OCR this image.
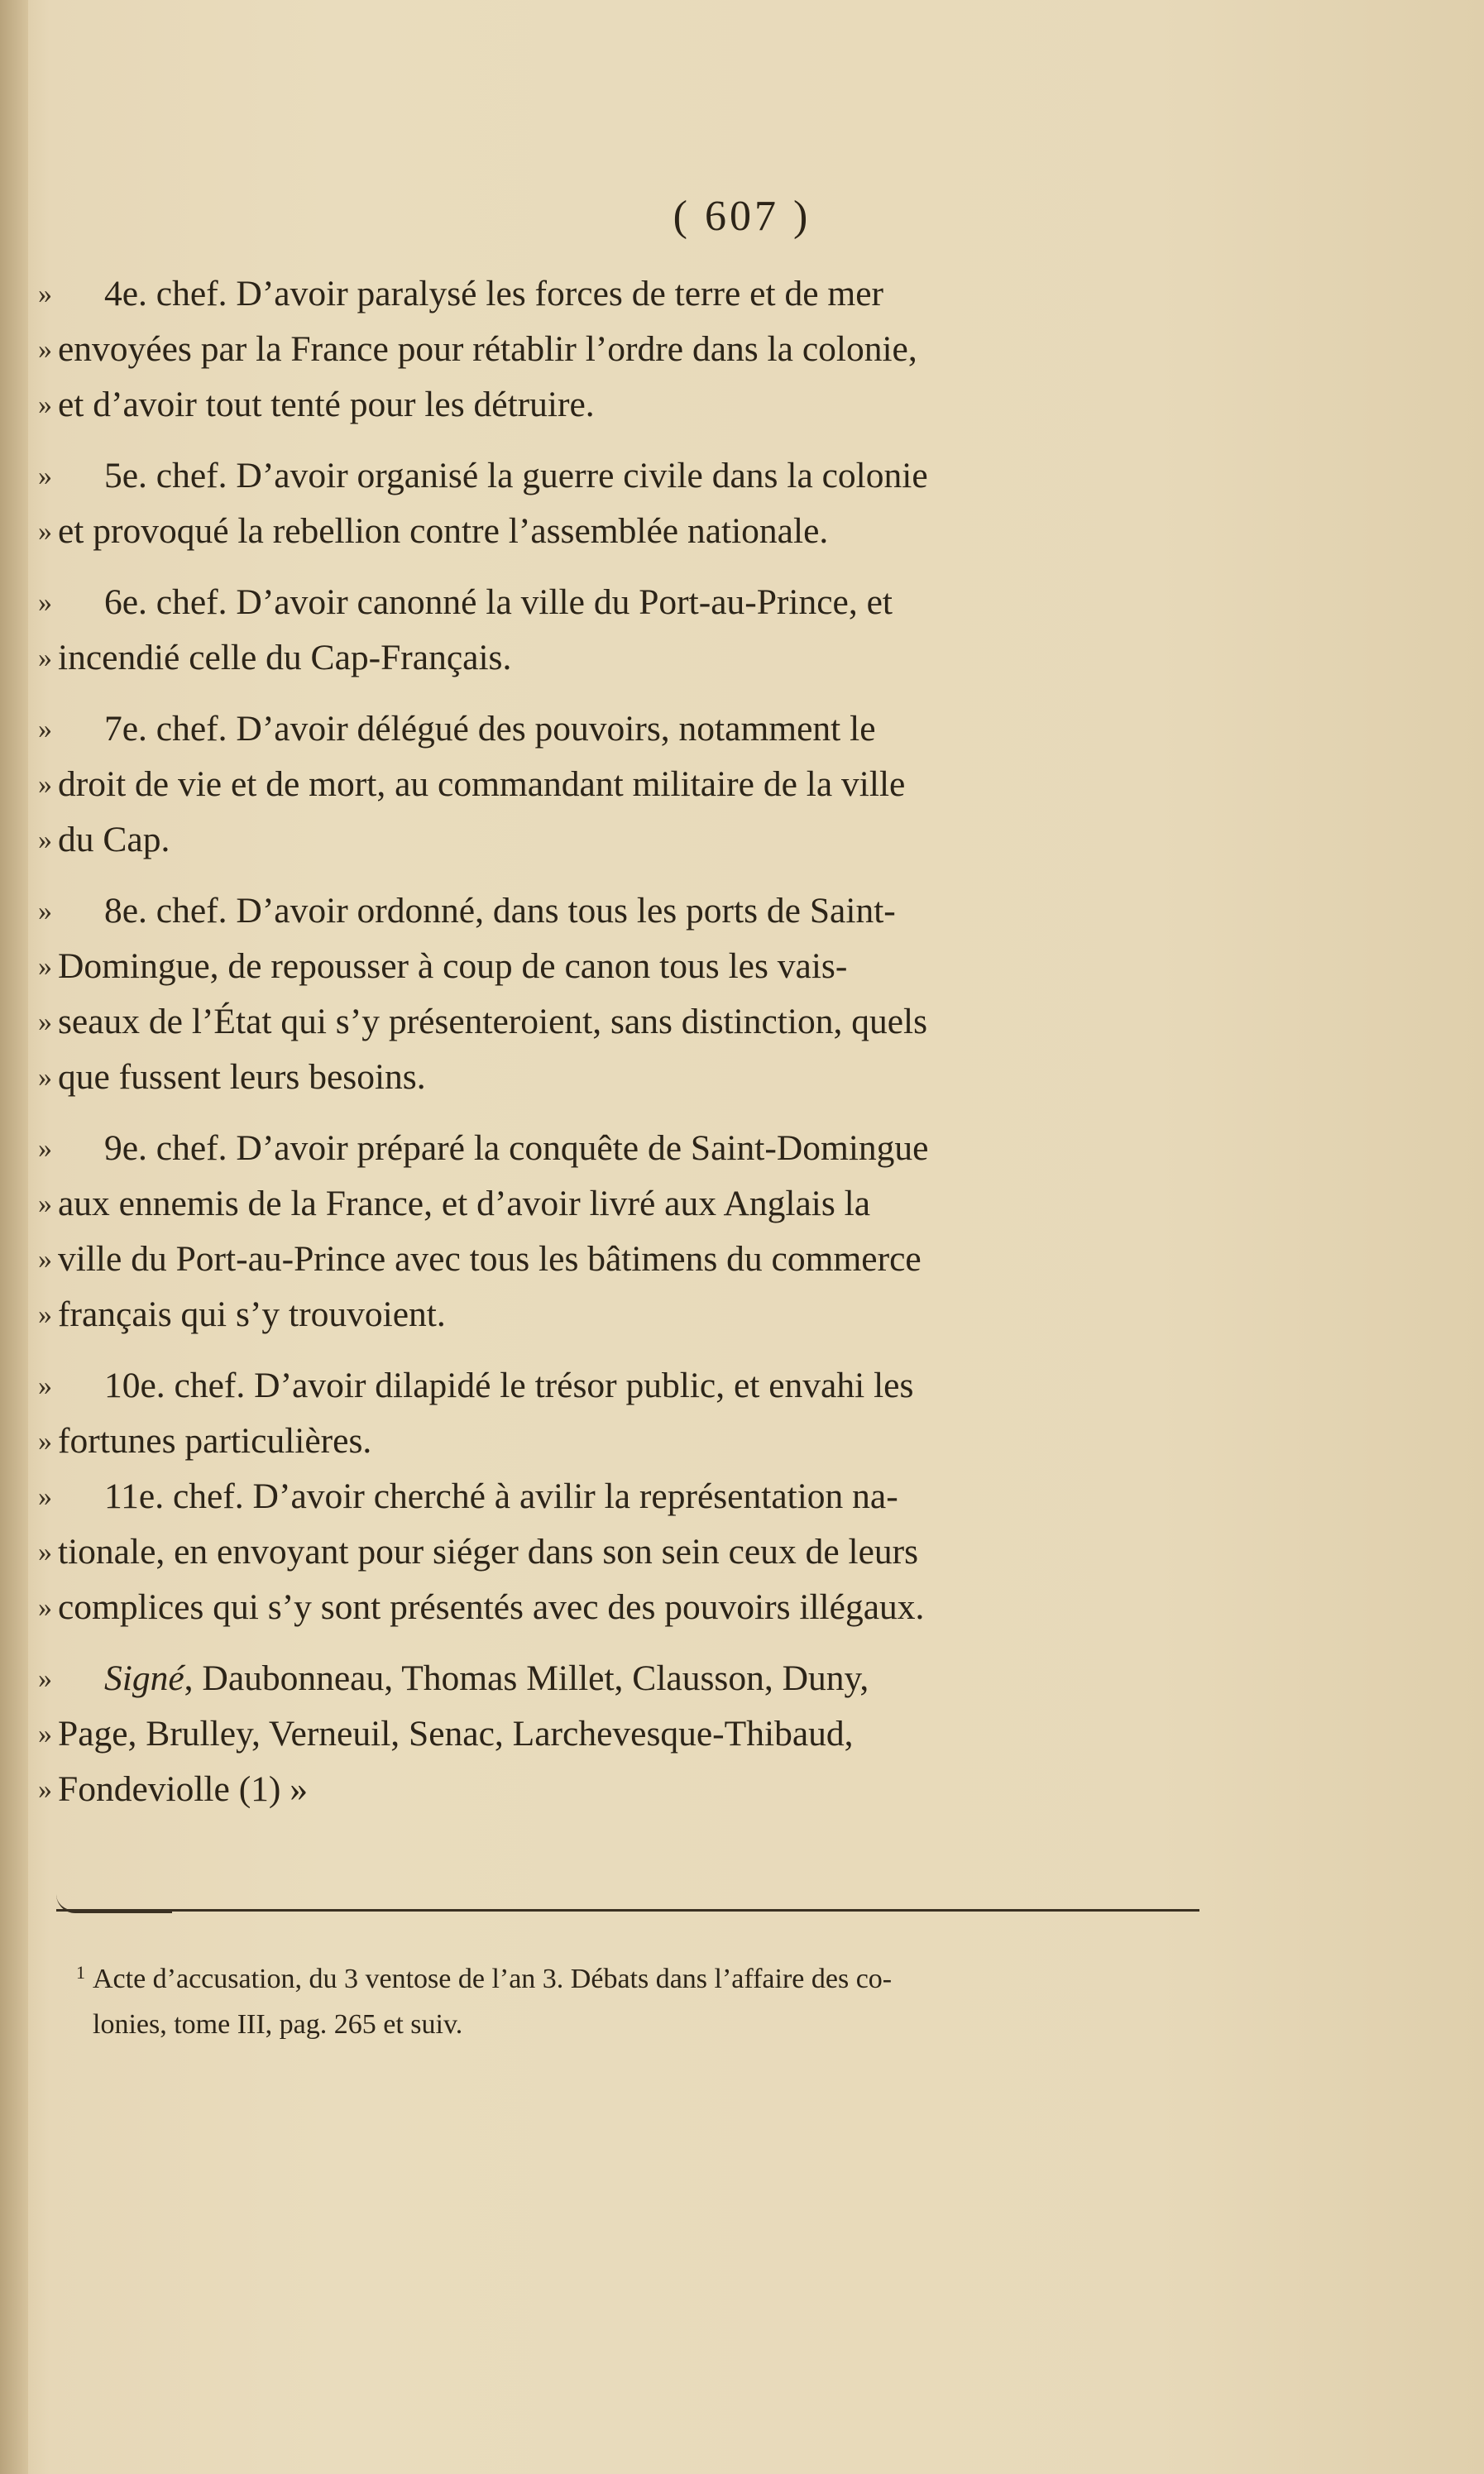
( 607 )
» 4e. chef. D’avoir paralysé les forces de terre et de mer
» envoyées par la France pour rétablir l’ordre dans la colonie,
» et d’avoir tout tenté pour les détruire.
» 5e. chef. D’avoir organisé la guerre civile dans la colonie
» et provoqué la rebellion contre l’assemblée nationale.
» 6e. chef. D’avoir canonné la ville du Port-au-Prince, et
» incendié celle du Cap-Français.
» 7e. chef. D’avoir délégué des pouvoirs, notamment le
» droit de vie et de mort, au commandant militaire de la ville
» du Cap.
» 8e. chef. D’avoir ordonné, dans tous les ports de Saint-
» Domingue, de repousser à coup de canon tous les vais-
» seaux de l’État qui s’y présenteroient, sans distinction, quels
» que fussent leurs besoins.
» 9e. chef. D’avoir préparé la conquête de Saint-Domingue
» aux ennemis de la France, et d’avoir livré aux Anglais la
» ville du Port-au-Prince avec tous les bâtimens du commerce
» français qui s’y trouvoient.
» 10e. chef. D’avoir dilapidé le trésor public, et envahi les
» fortunes particulières.
» 11e. chef. D’avoir cherché à avilir la représentation na-
» tionale, en envoyant pour siéger dans son sein ceux de leurs
» complices qui s’y sont présentés avec des pouvoirs illégaux.
» Signé, Daubonneau, Thomas Millet, Clausson, Duny,
» Page, Brulley, Verneuil, Senac, Larchevesque-Thibaud,
» Fondeviolle (1) »
1 Acte d’accusation, du 3 ventose de l’an 3. Débats dans l’affaire des co-
lonies, tome III, pag. 265 et suiv.
